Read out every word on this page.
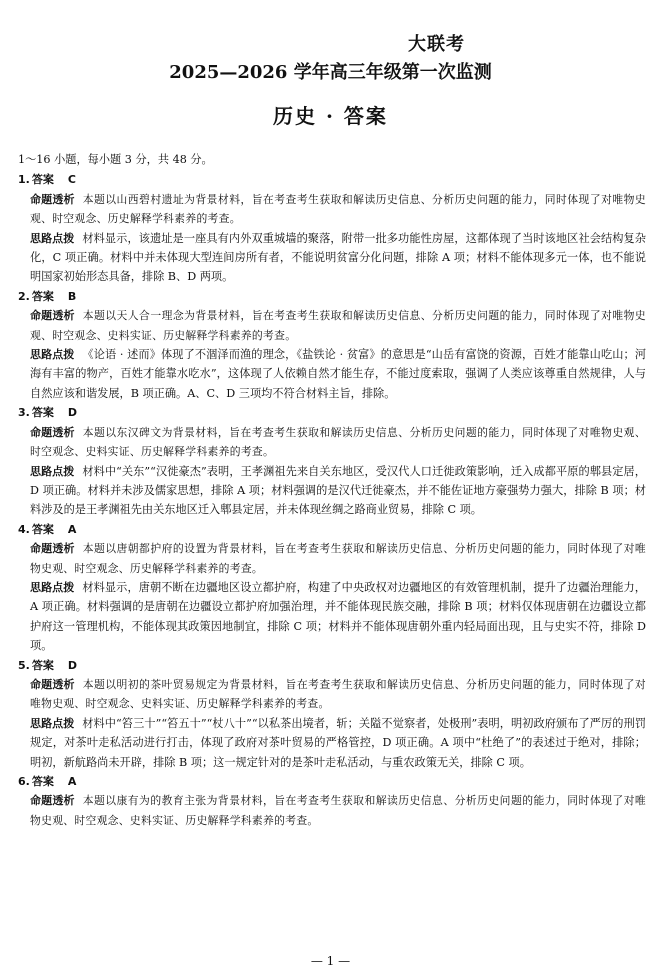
大联考
2025—2026 学年高三年级第一次监测
历史 · 答案
1～16 小题，每小题 3 分，共 48 分。
1. 答案 C
命题透析 本题以山西碧村遗址为背景材料，旨在考查考生获取和解读历史信息、分析历史问题的能力，同时体现了对唯物史观、时空观念、历史解释学科素养的考查。
思路点拨 材料显示，该遗址是一座具有内外双重城墙的聚落，附带一批多功能性房屋，这都体现了当时该地区社会结构复杂化，C 项正确。材料中并未体现大型连间房所有者，不能说明贫富分化问题，排除 A 项；材料不能体现多元一体，也不能说明国家初始形态具备，排除 B、D 两项。
2. 答案 B
命题透析 本题以天人合一理念为背景材料，旨在考查考生获取和解读历史信息、分析历史问题的能力，同时体现了对唯物史观、时空观念、史料实证、历史解释学科素养的考查。
思路点拨 《论语 · 述而》体现了不涸泽而渔的理念，《盐铁论 · 贫富》的意思是“山岳有富饶的资源，百姓才能靠山吃山；河海有丰富的物产，百姓才能靠水吃水”，这体现了人依赖自然才能生存，不能过度索取，强调了人类应该尊重自然规律，人与自然应该和谐发展，B 项正确。A、C、D 三项均不符合材料主旨，排除。
3. 答案 D
命题透析 本题以东汉碑文为背景材料，旨在考查考生获取和解读历史信息、分析历史问题的能力，同时体现了对唯物史观、时空观念、史料实证、历史解释学科素养的考查。
思路点拨 材料中“关东”“汉徙豪杰”表明，王孝渊祖先来自关东地区，受汉代人口迁徙政策影响，迁入成都平原的郫县定居，D 项正确。材料并未涉及儒家思想，排除 A 项；材料强调的是汉代迁徙豪杰，并不能佐证地方豪强势力强大，排除 B 项；材料涉及的是王孝渊祖先由关东地区迁入郫县定居，并未体现丝绸之路商业贸易，排除 C 项。
4. 答案 A
命题透析 本题以唐朝都护府的设置为背景材料，旨在考查考生获取和解读历史信息、分析历史问题的能力，同时体现了对唯物史观、时空观念、历史解释学科素养的考查。
思路点拨 材料显示，唐朝不断在边疆地区设立都护府，构建了中央政权对边疆地区的有效管理机制，提升了边疆治理能力，A 项正确。材料强调的是唐朝在边疆设立都护府加强治理，并不能体现民族交融，排除 B 项；材料仅体现唐朝在边疆设立都护府这一管理机构，不能体现其政策因地制宜，排除 C 项；材料并不能体现唐朝外重内轻局面出现，且与史实不符，排除 D 项。
5. 答案 D
命题透析 本题以明初的茶叶贸易规定为背景材料，旨在考查考生获取和解读历史信息、分析历史问题的能力，同时体现了对唯物史观、时空观念、史料实证、历史解释学科素养的考查。
思路点拨 材料中“笞三十”“笞五十”“杖八十”“以私茶出境者，斩；关隘不觉察者，处极刑”表明，明初政府颁布了严厉的刑罚规定，对茶叶走私活动进行打击，体现了政府对茶叶贸易的严格管控，D 项正确。A 项中“杜绝了”的表述过于绝对，排除；明初，新航路尚未开辟，排除 B 项；这一规定针对的是茶叶走私活动，与重农政策无关，排除 C 项。
6. 答案 A
命题透析 本题以康有为的教育主张为背景材料，旨在考查考生获取和解读历史信息、分析历史问题的能力，同时体现了对唯物史观、时空观念、史料实证、历史解释学科素养的考查。
— 1 —
